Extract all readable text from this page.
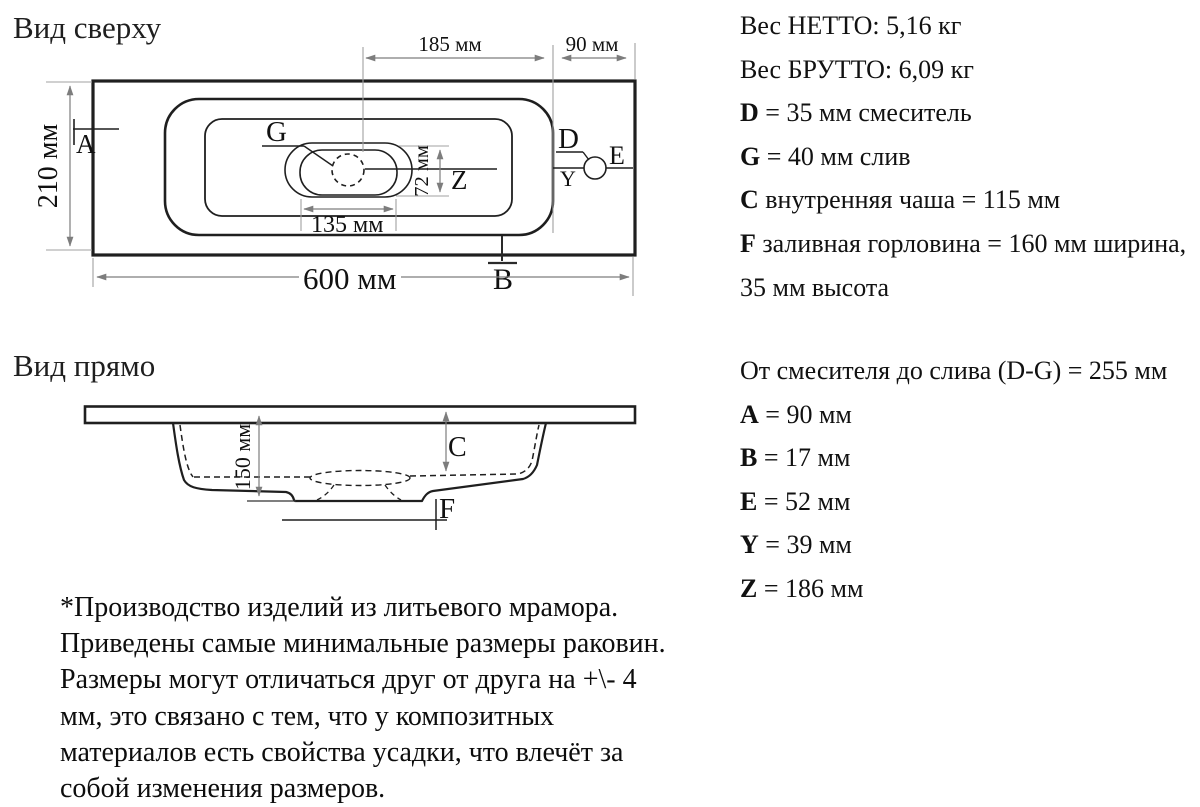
Вид сверху
Вид прямо
G
Z
72 мм
135 мм
185 мм	90 мм
D
E
Y
B
A
210 мм
600 мм
150 мм	C
F
Вес НЕТТО: 5,16 кг
Вес БРУТТО: 6,09 кг
D = 35 мм смеситель
G = 40 мм слив
C внутренняя чаша = 115 мм
F заливная горловина = 160 мм ширина,
35 мм высота
От смесителя до слива (D-G) = 255 мм
A = 90 мм
B = 17 мм
E = 52 мм
Y = 39 мм
Z = 186 мм
*Производство изделий из литьевого мрамора.
Приведены самые минимальные размеры раковин.
Размеры могут отличаться друг от друга на +\- 4
мм, это связано с тем, что у композитных
материалов есть свойства усадки, что влечёт за
собой изменения размеров.
